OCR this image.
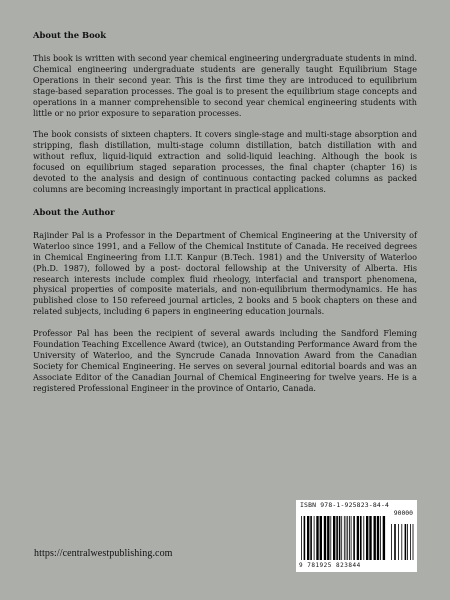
About the Book

This book is written with second year chemical engineering undergraduate students in mind. Chemical engineering undergraduate students are generally taught Equilibrium Stage Operations in their second year. This is the first time they are introduced to equilibrium stage-based separation processes. The goal is to present the equilibrium stage concepts and operations in a manner comprehensible to second year chemical engineering students with little or no prior exposure to separation processes.

The book consists of sixteen chapters. It covers single-stage and multi-stage absorption and stripping, flash distillation, multi-stage column distillation, batch distillation with and without reflux, liquid-liquid extraction and solid-liquid leaching. Although the book is focused on equilibrium staged separation processes, the final chapter (chapter 16) is devoted to the analysis and design of continuous contacting packed columns as packed columns are becoming increasingly important in practical applications.

About the Author

Rajinder Pal is a Professor in the Department of Chemical Engineering at the University of Waterloo since 1991, and a Fellow of the Chemical Institute of Canada. He received degrees in Chemical Engineering from I.I.T. Kanpur (B.Tech. 1981) and the University of Waterloo (Ph.D. 1987), followed by a post- doctoral fellowship at the University of Alberta. His research interests include complex fluid rheology, interfacial and transport phenomena, physical properties of composite materials, and non-equilibrium thermodynamics. He has published close to 150 refereed journal articles, 2 books and 5 book chapters on these and related subjects, including 6 papers in engineering education journals.

Professor Pal has been the recipient of several awards including the Sandford Fleming Foundation Teaching Excellence Award (twice), an Outstanding Performance Award from the University of Waterloo, and the Syncrude Canada Innovation Award from the Canadian Society for Chemical Engineering. He serves on several journal editorial boards and was an Associate Editor of the Canadian Journal of Chemical Engineering for twelve years. He is a registered Professional Engineer in the province of Ontario, Canada.

https://centralwestpublishing.com
ISBN 978-1-925823-84-4
90000
9 781925 823844
